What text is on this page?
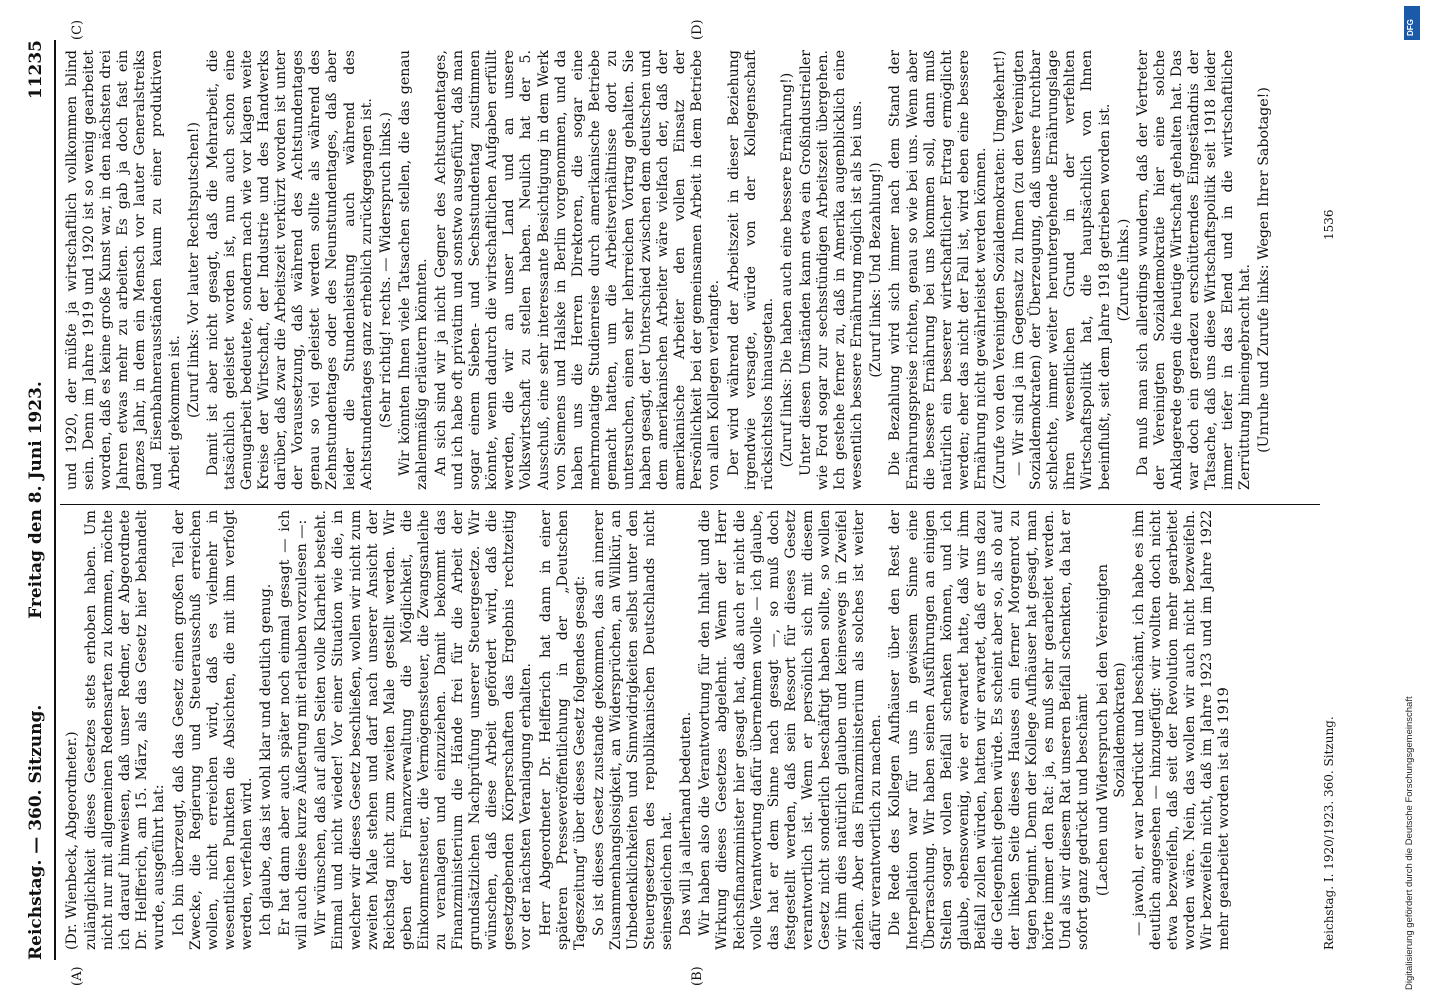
Reichstag. — 360. Sitzung.
Freitag den 8. Juni 1923.
11235
(A)	(B)
(C)	(D)

(Dr. Wienbeck, Abgeordneter.) zulänglichkeit dieses Gesetzes stets erhoben haben. Um nicht nur mit allgemeinen Redensarten zu kommen, möchte ich darauf hinweisen, daß unser Redner, der Abgeordnete Dr. Helfferich, am 15. März, als das Gesetz hier behandelt wurde, ausgeführt hat: Ich bin überzeugt, daß das Gesetz einen großen Teil der Zwecke, die Regierung und Steuerausschuß erreichen wollen, nicht erreichen wird, daß es vielmehr in wesentlichen Punkten die Absichten, die mit ihm verfolgt werden, verfehlen wird. Ich glaube, das ist wohl klar und deutlich genug. Er hat dann aber auch später noch einmal gesagt — ich will auch diese kurze Äußerung mit erlauben vorzulesen —: Wir wünschen, daß auf allen Seiten volle Klarheit besteht. Einmal und nicht wieder! Vor einer Situation wie die, in welcher wir dieses Gesetz beschließen, wollen wir nicht zum zweiten Male stehen und darf nach unserer Ansicht der Reichstag nicht zum zweiten Male gestellt werden. Wir geben der Finanzverwaltung die Möglichkeit, die Einkommensteuer, die Vermögenssteuer, die Zwangsanleihe zu veranlagen und einzuziehen. Damit bekommt das Finanzministerium die Hände frei für die Arbeit der grundsätzlichen Nachprüfung unserer Steuergesetze. Wir wünschen, daß diese Arbeit gefördert wird, daß die gesetzgebenden Körperschaften das Ergebnis rechtzeitig vor der nächsten Veranlagung erhalten. Herr Abgeordneter Dr. Helfferich hat dann in einer späteren Presseveröffentlichung in der „Deutschen Tageszeitung“ über dieses Gesetz folgendes gesagt: So ist dieses Gesetz zustande gekommen, das an innerer Zusammenhangslosigkeit, an Widersprüchen, an Willkür, an Unbedenklichkeiten und Sinnwidrigkeiten selbst unter den Steuergesetzen des republikanischen Deutschlands nicht seinesgleichen hat. Das will ja allerhand bedeuten. Wir haben also die Verantwortung für den Inhalt und die Wirkung dieses Gesetzes abgelehnt. Wenn der Herr Reichsfinanzminister hier gesagt hat, daß auch er nicht die volle Verantwortung dafür übernehmen wolle — ich glaube, das hat er dem Sinne nach gesagt —, so muß doch festgestellt werden, daß sein Ressort für dieses Gesetz verantwortlich ist. Wenn er persönlich sich mit diesem Gesetz nicht sonderlich beschäftigt haben sollte, so wollen wir ihm dies natürlich glauben und keineswegs in Zweifel ziehen. Aber das Finanzministerium als solches ist weiter dafür verantwortlich zu machen. Die Rede des Kollegen Aufhäuser über den Rest der Interpellation war für uns in gewissem Sinne eine Überraschung. Wir haben seinen Ausführungen an einigen Stellen sogar vollen Beifall schenken können, und ich glaube, ebensowenig, wie er erwartet hatte, daß wir ihm Beifall zollen würden, hatten wir erwartet, daß er uns dazu die Gelegenheit geben würde. Es scheint aber so, als ob auf der linken Seite dieses Hauses ein ferner Morgenrot zu tagen beginnt. Denn der Kollege Aufhäuser hat gesagt, man hörte immer den Rat: ja, es muß sehr gearbeitet werden. Und als wir diesem Rat unseren Beifall schenkten, da hat er sofort ganz gedrückt und beschämt (Lachen und Widerspruch bei den Vereinigten Sozialdemokraten) — jawohl, er war bedrückt und beschämt, ich habe es ihm deutlich angesehen — hinzugefügt: wir wollten doch nicht etwa bezweifeln, daß seit der Revolution mehr gearbeitet worden wäre. Nein, das wollen wir auch nicht bezweifeln. Wir bezweifeln nicht, daß im Jahre 1923 und im Jahre 1922 mehr gearbeitet worden ist als 1919

und 1920, der müßte ja wirtschaftlich vollkommen blind sein. Denn im Jahre 1919 und 1920 ist so wenig gearbeitet worden, daß es keine große Kunst war, in den nächsten drei Jahren etwas mehr zu arbeiten. Es gab ja doch fast ein ganzes Jahr, in dem ein Mensch vor lauter Generalstreiks und Eisenbahnerausständen kaum zu einer produktiven Arbeit gekommen ist. (Zuruf links: Vor lauter Rechtsputschen!) Damit ist aber nicht gesagt, daß die Mehrarbeit, die tatsächlich geleistet worden ist, nun auch schon eine Genugarbeit bedeutete, sondern nach wie vor klagen weite Kreise der Wirtschaft, der Industrie und des Handwerks darüber, daß zwar die Arbeitszeit verkürzt worden ist unter der Voraussetzung, daß während des Achtstundentages genau so viel geleistet werden sollte als während des Zehnstundentages oder des Neunstundentages, daß aber leider die Stundenleistung auch während des Achtstundentages ganz erheblich zurückgegangen ist. (Sehr richtig! rechts. — Widerspruch links.) Wir könnten Ihnen viele Tatsachen stellen, die das genau zahlenmäßig erläutern könnten. An sich sind wir ja nicht Gegner des Achtstundentages, und ich habe oft privatim und sonstwo ausgeführt, daß man sogar einem Sieben- und Sechsstundentag zustimmen könnte, wenn dadurch die wirtschaftlichen Aufgaben erfüllt werden, die wir an unser Land und an unsere Volkswirtschaft zu stellen haben. Neulich hat der 5. Ausschuß, eine sehr interessante Besichtigung in dem Werk von Siemens und Halske in Berlin vorgenommen, und da haben uns die Herren Direktoren, die sogar eine mehrmonatige Studienreise durch amerikanische Betriebe gemacht hatten, um die Arbeitsverhältnisse dort zu untersuchen, einen sehr lehrreichen Vortrag gehalten. Sie haben gesagt, der Unterschied zwischen dem deutschen und dem amerikanischen Arbeiter wäre vielfach der, daß der amerikanische Arbeiter den vollen Einsatz der Persönlichkeit bei der gemeinsamen Arbeit in dem Betriebe von allen Kollegen verlangte. Der wird während der Arbeitszeit in dieser Beziehung irgendwie versagte, würde von der Kollegenschaft rücksichtslos hinausgetan. (Zuruf links: Die haben auch eine bessere Ernährung!) Unter diesen Umständen kann etwa ein Großindustrieller wie Ford sogar zur sechsstündigen Arbeitszeit übergehen. Ich gestehe ferner zu, daß in Amerika augenblicklich eine wesentlich bessere Ernährung möglich ist als bei uns. (Zuruf links: Und Bezahlung!) Die Bezahlung wird sich immer nach dem Stand der Ernährungspreise richten, genau so wie bei uns. Wenn aber die bessere Ernährung bei uns kommen soll, dann muß natürlich ein besserer wirtschaftlicher Ertrag ermöglicht werden; eher das nicht der Fall ist, wird eben eine bessere Ernährung nicht gewährleistet werden können. (Zurufe von den Vereinigten Sozialdemokraten: Umgekehrt!) — Wir sind ja im Gegensatz zu Ihnen (zu den Vereinigten Sozialdemokraten) der Überzeugung, daß unsere furchtbar schlechte, immer weiter heruntergehende Ernährungslage ihren wesentlichen Grund in der verfehlten Wirtschaftspolitik hat, die hauptsächlich von Ihnen beeinflußt, seit dem Jahre 1918 getrieben worden ist. (Zurufe links.) Da muß man sich allerdings wundern, daß der Vertreter der Vereinigten Sozialdemokratie hier eine solche Anklagerede gegen die heutige Wirtschaft gehalten hat. Das war doch ein geradezu erschütterndes Eingeständnis der Tatsache, daß uns diese Wirtschaftspolitik seit 1918 leider immer tiefer in das Elend und in die wirtschaftliche Zerrüttung hineingebracht hat. (Unruhe und Zurufe links: Wegen Ihrer Sabotage!)

Reichstag. I. 1920/1923. 360. Sitzung.
1536
DFG
Digitalisierung gefördert durch die Deutsche Forschungsgemeinschaft
